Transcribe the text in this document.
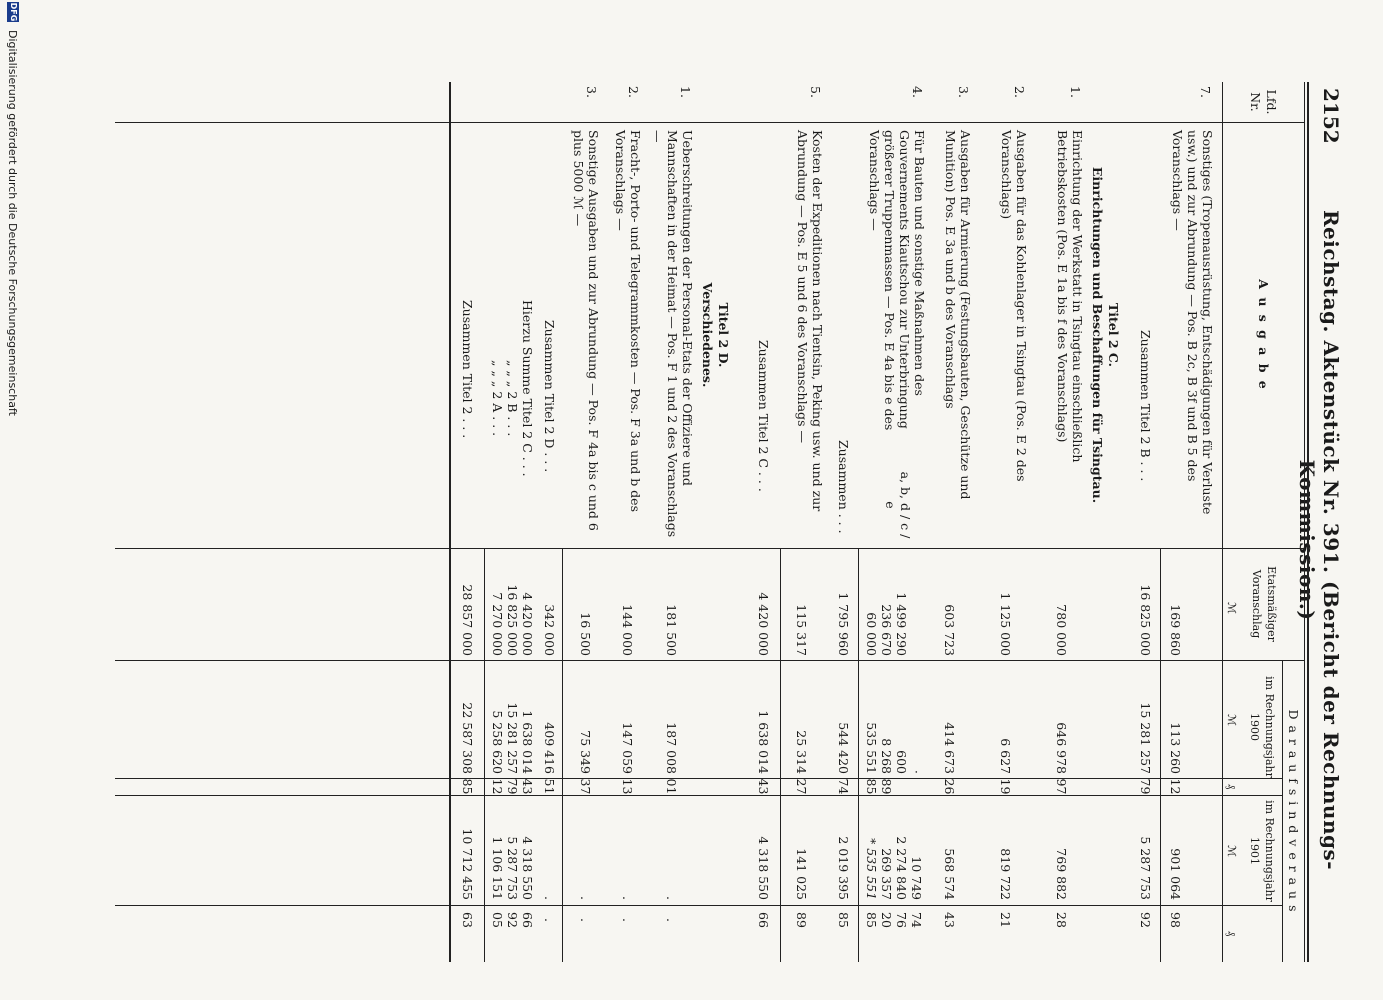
DFG
Digitalisierung gefördert durch die Deutsche Forschungsgemeinschaft	2152
Reichstag. Aktenstück Nr. 391. (Bericht der Rechnungs-Kommission.)
Lfd.
Nr.
A u s g a b e
Etatsmäßiger Voranschlag
ℳ
D a r a u f s i n d v e r a u s
im Rechnungsjahr 1900
im Rechnungsjahr 1901
ℳ
₰
ℳ
₰
7.
Sonstiges (Tropenausrüstung, Entschädigungen für Verluste usw.) und zur Abrundung — Pos. B 2c, B 3f und B 5 des Voranschlags —
169 860
113 260
12
901 064
98
Zusammen Titel 2 B . . .
16 825 000
15 281 257
79
5 287 753
92
Titel 2 C.
Einrichtungen und Beschaffungen für Tsingtau.
1.
Einrichtung der Werkstatt in Tsingtau einschließlich Betriebskosten (Pos. E 1a bis f des Voranschlags)
780 000
646 978
97
769 882
28
2.
Ausgaben für das Kohlenlager in Tsingtau (Pos. E 2 des Voranschlags)
1 125 000
6 627
19
819 722
21
3.
Ausgaben für Armierung (Festungsbauten, Geschütze und Munition) Pos. E 3a und b des Voranschlags
603 723
414 673
26
568 574
43
4.
Für Bauten und sonstige Maßnahmen des Gouvernements Kiautschou zur Unterbringung größerer Truppenmassen — Pos. E 4a bis e des Voranschlags —
a, b, d / c / e
1 499 290
236 670
60 000
·
600
8 268
535 551
89
85
10 749
2 274 840
269 357
* 535 551
74
76
20
85
Zusammen . . .
1 795 960
544 420
74
2 019 395
85
5.
Kosten der Expeditionen nach Tientsin, Peking usw. und zur Abrundung — Pos. E 5 und 6 des Voranschlags —
115 317
25 314
27
141 025
89
Zusammen Titel 2 C . . .
4 420 000
1 638 014
43
4 318 550
66
Titel 2 D.
Verschiedenes.
1.
Ueberschreitungen der Personal-Etats der Offiziere und Mannschaften in der Heimat — Pos. F 1 und 2 des Voranschlags —
181 500
187 008
01
.
.
2.
Fracht-, Porto- und Telegrammkosten — Pos. F 3a und b des Voranschlags —
144 000
147 059
13
.
.
3.
Sonstige Ausgaben und zur Abrundung — Pos. F 4a bis c und 6 plus 5000 ℳ —
16 500
75 349
37
.
.
Zusammen Titel 2 D . . .
342 000
409 416
51
.
.
Hierzu Summe Titel 2 C . . .
„ „ „ 2 B . . .
„ „ „ 2 A . . .
4 420 000
16 825 000
7 270 000
1 638 014
15 281 257
5 258 620
43
79
12
4 318 550
5 287 753
1 106 151
66
92
05
Zusammen Titel 2 . . .
28 857 000
22 587 308
85
10 712 455
63
